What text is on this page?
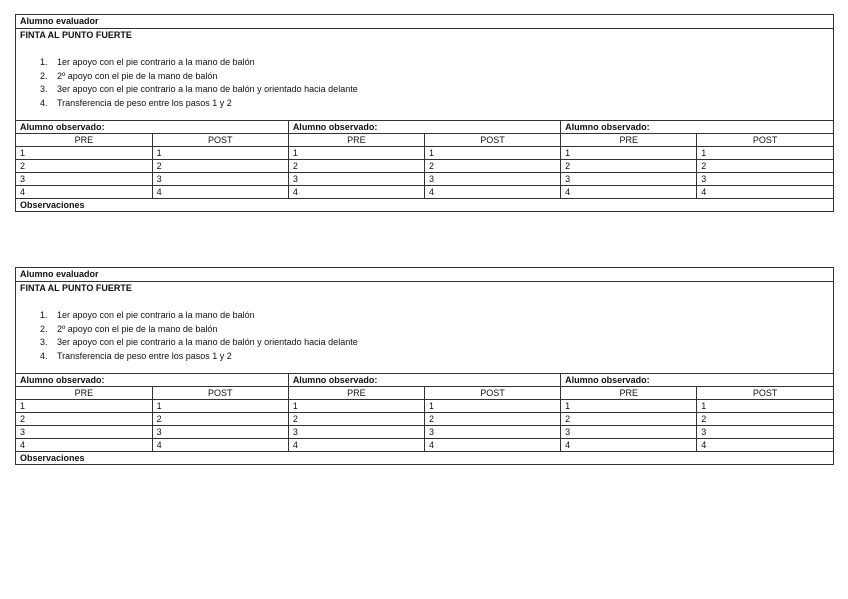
Alumno evaluador
FINTA AL PUNTO FUERTE
1.	1er apoyo con el pie contrario a la mano de balón
2.	2º apoyo con el pie de la mano de balón
3.	3er apoyo con el pie contrario a la mano de balón y orientado hacia delante
4.	Transferencia de peso entre los pasos 1 y 2
Alumno observado:		Alumno observado:		Alumno observado:	
PRE	POST	PRE	POST	PRE	POST
1	1	1	1	1	1
2	2	2	2	2	2
3	3	3	3	3	3
4	4	4	4	4	4
Observaciones					
Alumno evaluador
FINTA AL PUNTO FUERTE
1.	1er apoyo con el pie contrario a la mano de balón
2.	2º apoyo con el pie de la mano de balón
3.	3er apoyo con el pie contrario a la mano de balón y orientado hacia delante
4.	Transferencia de peso entre los pasos 1 y 2
Alumno observado:		Alumno observado:		Alumno observado:	
PRE	POST	PRE	POST	PRE	POST
1	1	1	1	1	1
2	2	2	2	2	2
3	3	3	3	3	3
4	4	4	4	4	4
Observaciones					
